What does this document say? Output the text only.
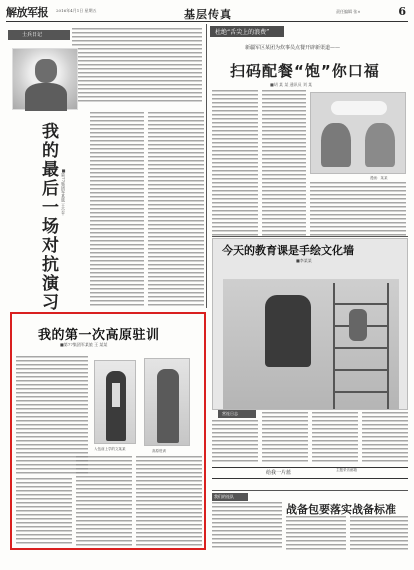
解放军报 2016年4月1日 星期五	基层传真	责任编辑 张×	6
士兵日记
我的最后一场对抗演习 ■第77集团军某旅 王小平
杜绝“舌尖上的浪费”
新疆军区某团为炊事员点餐开辟新渠道——
扫码配餐“饱”你口福
■胡 某 某 通讯员 刘 某
漫画：某某
今天的教育课是手绘文化墙
■李某某
营连日志
给我一片蓝	主题采访邮箱
我们的连队
战备包要落实战备标准
我的第一次高原驻训
■第77集团军某旅 王 某某
入伍前上学的文某某	高原驻训
